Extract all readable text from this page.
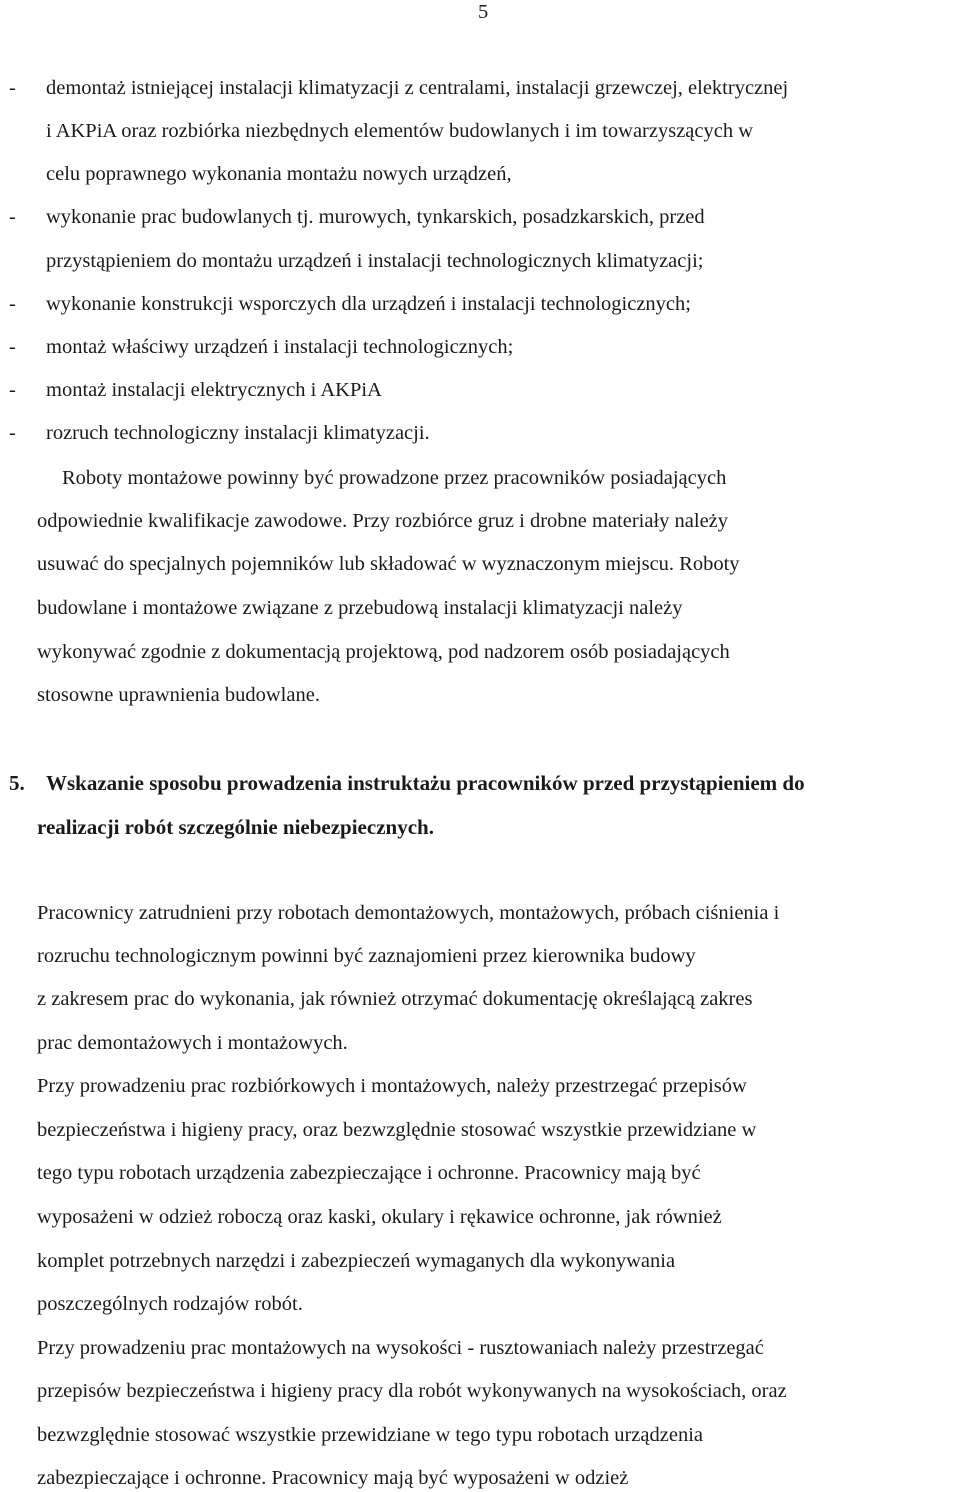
5
- demontaż istniejącej instalacji klimatyzacji z centralami, instalacji grzewczej, elektrycznej
i AKPiA oraz rozbiórka niezbędnych elementów budowlanych i im towarzyszących w
celu poprawnego wykonania montażu nowych urządzeń,
- wykonanie prac budowlanych tj. murowych, tynkarskich, posadzkarskich, przed
przystąpieniem do montażu urządzeń i instalacji technologicznych klimatyzacji;
- wykonanie konstrukcji wsporczych dla urządzeń i instalacji technologicznych;
- montaż właściwy urządzeń i instalacji technologicznych;
- montaż instalacji elektrycznych i AKPiA
- rozruch technologiczny instalacji klimatyzacji.
Roboty montażowe powinny być prowadzone przez pracowników posiadających
odpowiednie kwalifikacje zawodowe. Przy rozbiórce gruz i drobne materiały należy
usuwać do specjalnych pojemników lub składować w wyznaczonym miejscu. Roboty
budowlane i montażowe związane z przebudową instalacji klimatyzacji należy
wykonywać zgodnie z dokumentacją projektową, pod nadzorem osób posiadających
stosowne uprawnienia budowlane.
5. Wskazanie sposobu prowadzenia instruktażu pracowników przed przystąpieniem do
realizacji robót szczególnie niebezpiecznych.
Pracownicy zatrudnieni przy robotach demontażowych, montażowych, próbach ciśnienia i
rozruchu technologicznym powinni być zaznajomieni przez kierownika budowy
z zakresem prac do wykonania, jak również otrzymać dokumentację określającą zakres
prac demontażowych i montażowych.
Przy prowadzeniu prac rozbiórkowych i montażowych, należy przestrzegać przepisów
bezpieczeństwa i higieny pracy, oraz bezwzględnie stosować wszystkie przewidziane w
tego typu robotach urządzenia zabezpieczające i ochronne. Pracownicy mają być
wyposażeni w odzież roboczą oraz kaski, okulary i rękawice ochronne, jak również
komplet potrzebnych narzędzi i zabezpieczeń wymaganych dla wykonywania
poszczególnych rodzajów robót.
Przy prowadzeniu prac montażowych na wysokości - rusztowaniach należy przestrzegać
przepisów bezpieczeństwa i higieny pracy dla robót wykonywanych na wysokościach, oraz
bezwzględnie stosować wszystkie przewidziane w tego typu robotach urządzenia
zabezpieczające i ochronne. Pracownicy mają być wyposażeni w odzież
